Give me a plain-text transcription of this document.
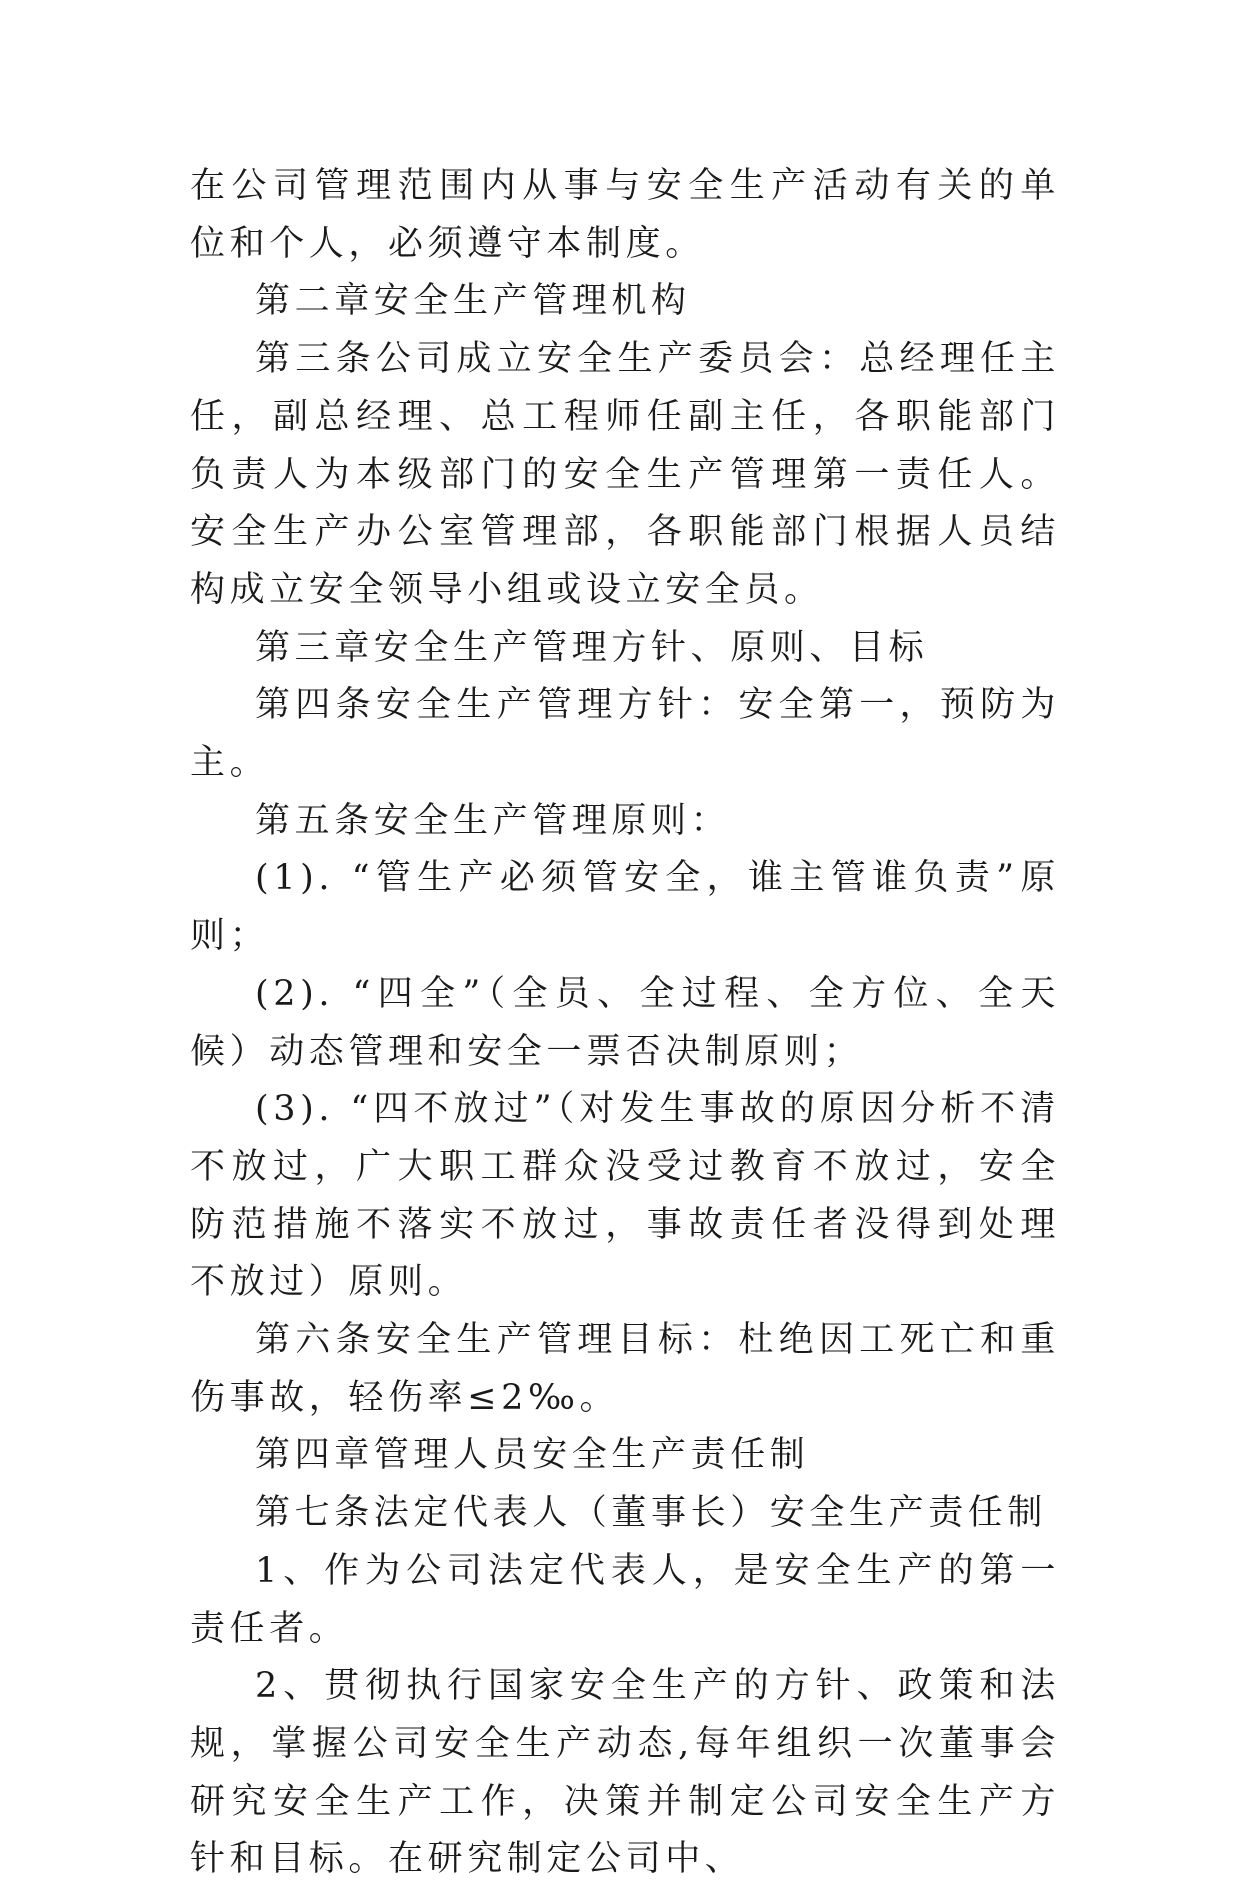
在公司管理范围内从事与安全生产活动有关的单位和个人，必须遵守本制度。

第二章安全生产管理机构

第三条公司成立安全生产委员会：总经理任主任，副总经理、总工程师任副主任，各职能部门负责人为本级部门的安全生产管理第一责任人。安全生产办公室管理部，各职能部门根据人员结构成立安全领导小组或设立安全员。

第三章安全生产管理方针、原则、目标

第四条安全生产管理方针：安全第一，预防为主。

第五条安全生产管理原则：

(1). “管生产必须管安全，谁主管谁负责”原则；

(2). “四全”（全员、全过程、全方位、全天候）动态管理和安全一票否决制原则；

(3). “四不放过”（对发生事故的原因分析不清不放过，广大职工群众没受过教育不放过，安全防范措施不落实不放过，事故责任者没得到处理不放过）原则。

第六条安全生产管理目标：杜绝因工死亡和重伤事故，轻伤率≤2‰。

第四章管理人员安全生产责任制

第七条法定代表人（董事长）安全生产责任制

1、作为公司法定代表人，是安全生产的第一责任者。

2、贯彻执行国家安全生产的方针、政策和法规，掌握公司安全生产动态,每年组织一次董事会研究安全生产工作，决策并制定公司安全生产方针和目标。在研究制定公司中、
